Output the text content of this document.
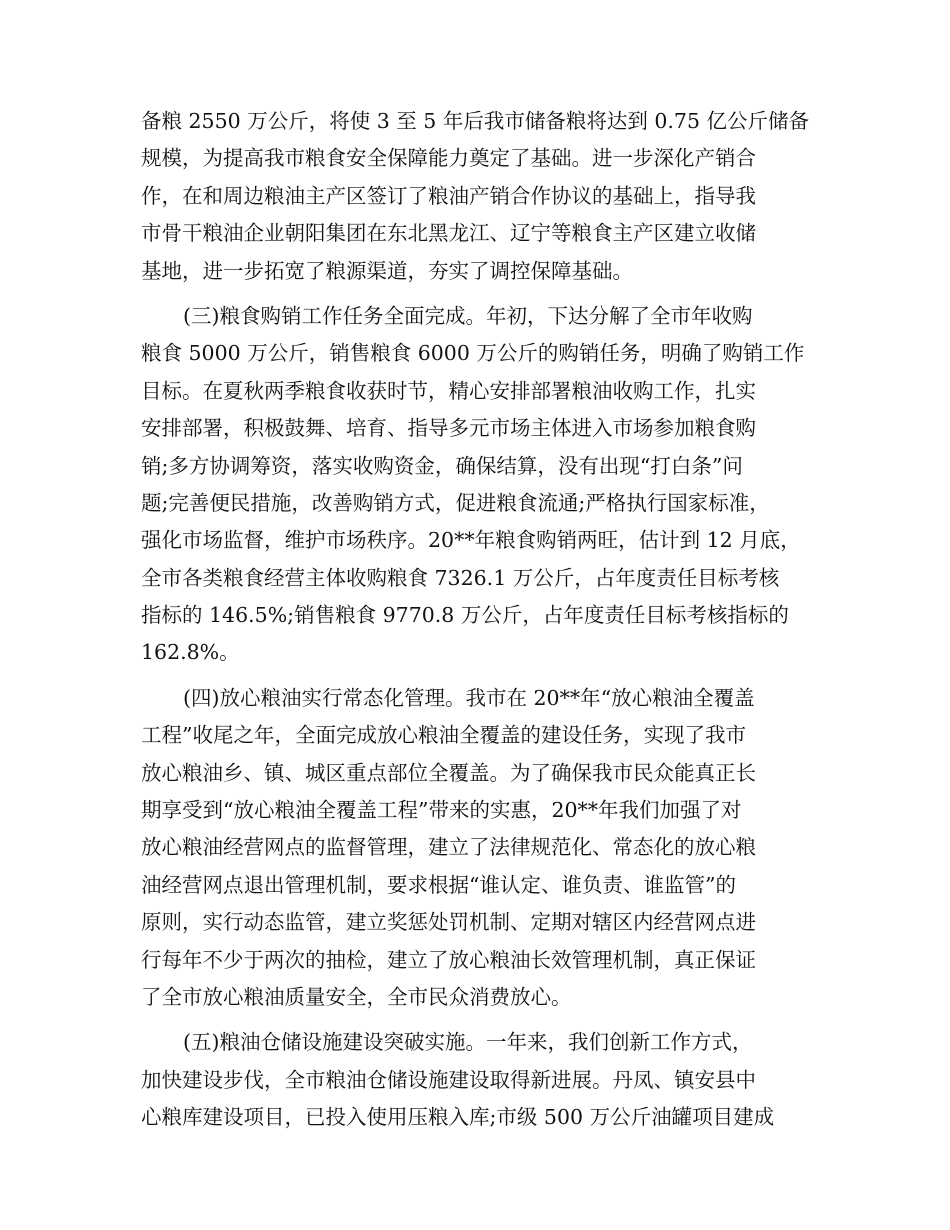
备粮 2550 万公斤，将使 3 至 5 年后我市储备粮将达到 0.75 亿公斤储备
规模，为提高我市粮食安全保障能力奠定了基础。进一步深化产销合
作，在和周边粮油主产区签订了粮油产销合作协议的基础上，指导我
市骨干粮油企业朝阳集团在东北黑龙江、辽宁等粮食主产区建立收储
基地，进一步拓宽了粮源渠道，夯实了调控保障基础。
(三)粮食购销工作任务全面完成。年初，下达分解了全市年收购
粮食 5000 万公斤，销售粮食 6000 万公斤的购销任务，明确了购销工作
目标。在夏秋两季粮食收获时节，精心安排部署粮油收购工作，扎实
安排部署，积极鼓舞、培育、指导多元市场主体进入市场参加粮食购
销;多方协调筹资，落实收购资金，确保结算，没有出现“打白条”问
题;完善便民措施，改善购销方式，促进粮食流通;严格执行国家标准，
强化市场监督，维护市场秩序。20**年粮食购销两旺，估计到 12 月底，
全市各类粮食经营主体收购粮食 7326.1 万公斤，占年度责任目标考核
指标的 146.5%;销售粮食 9770.8 万公斤，占年度责任目标考核指标的
162.8%。
(四)放心粮油实行常态化管理。我市在 20**年“放心粮油全覆盖
工程”收尾之年，全面完成放心粮油全覆盖的建设任务，实现了我市
放心粮油乡、镇、城区重点部位全覆盖。为了确保我市民众能真正长
期享受到“放心粮油全覆盖工程”带来的实惠，20**年我们加强了对
放心粮油经营网点的监督管理，建立了法律规范化、常态化的放心粮
油经营网点退出管理机制，要求根据“谁认定、谁负责、谁监管”的
原则，实行动态监管，建立奖惩处罚机制、定期对辖区内经营网点进
行每年不少于两次的抽检，建立了放心粮油长效管理机制，真正保证
了全市放心粮油质量安全，全市民众消费放心。
(五)粮油仓储设施建设突破实施。一年来，我们创新工作方式，
加快建设步伐，全市粮油仓储设施建设取得新进展。丹凤、镇安县中
心粮库建设项目，已投入使用压粮入库;市级 500 万公斤油罐项目建成
